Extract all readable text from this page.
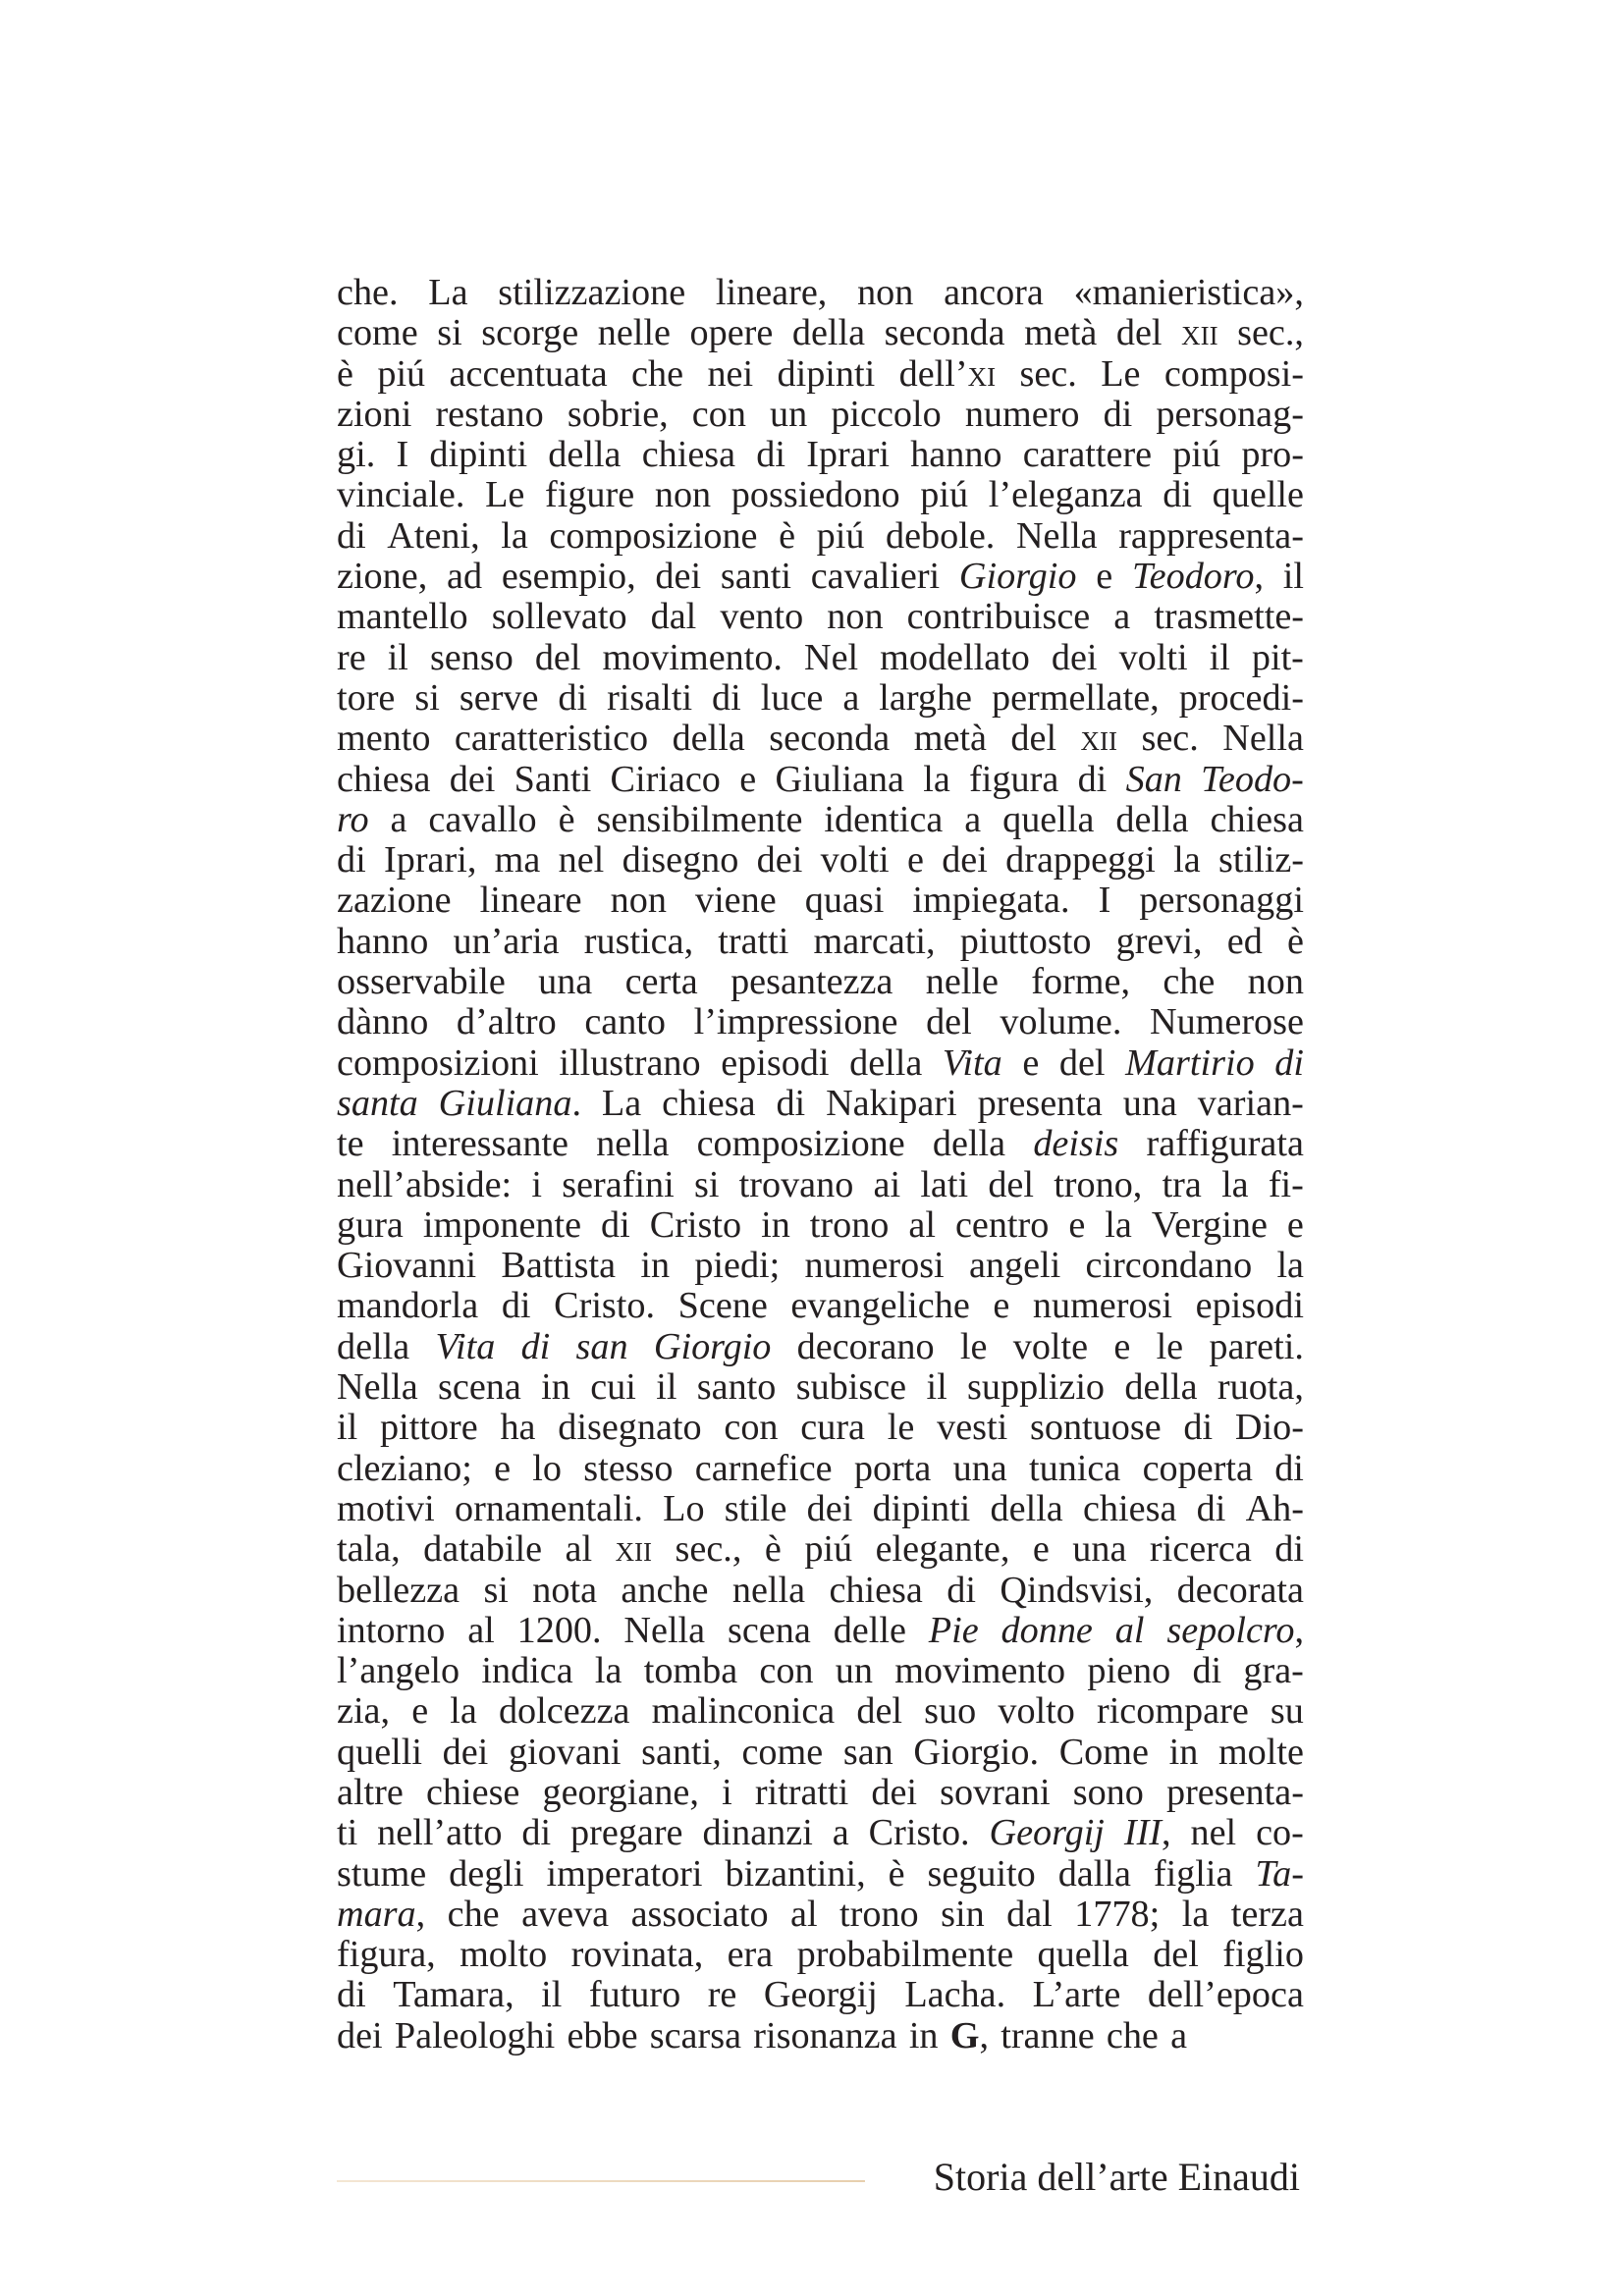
che. La stilizzazione lineare, non ancora «manieristica»,
come si scorge nelle opere della seconda metà del xii sec.,
è piú accentuata che nei dipinti dell’xi sec. Le composi-
zioni restano sobrie, con un piccolo numero di personag-
gi. I dipinti della chiesa di Iprari hanno carattere piú pro-
vinciale. Le figure non possiedono piú l’eleganza di quelle
di Ateni, la composizione è piú debole. Nella rappresenta-
zione, ad esempio, dei santi cavalieri Giorgio e Teodoro, il
mantello sollevato dal vento non contribuisce a trasmette-
re il senso del movimento. Nel modellato dei volti il pit-
tore si serve di risalti di luce a larghe permellate, procedi-
mento caratteristico della seconda metà del xii sec. Nella
chiesa dei Santi Ciriaco e Giuliana la figura di San Teodo-
ro a cavallo è sensibilmente identica a quella della chiesa
di Iprari, ma nel disegno dei volti e dei drappeggi la stiliz-
zazione lineare non viene quasi impiegata. I personaggi
hanno un’aria rustica, tratti marcati, piuttosto grevi, ed è
osservabile una certa pesantezza nelle forme, che non
dànno d’altro canto l’impressione del volume. Numerose
composizioni illustrano episodi della Vita e del Martirio di
santa Giuliana. La chiesa di Nakipari presenta una varian-
te interessante nella composizione della deisis raffigurata
nell’abside: i serafini si trovano ai lati del trono, tra la fi-
gura imponente di Cristo in trono al centro e la Vergine e
Giovanni Battista in piedi; numerosi angeli circondano la
mandorla di Cristo. Scene evangeliche e numerosi episodi
della Vita di san Giorgio decorano le volte e le pareti.
Nella scena in cui il santo subisce il supplizio della ruota,
il pittore ha disegnato con cura le vesti sontuose di Dio-
cleziano; e lo stesso carnefice porta una tunica coperta di
motivi ornamentali. Lo stile dei dipinti della chiesa di Ah-
tala, databile al xii sec., è piú elegante, e una ricerca di
bellezza si nota anche nella chiesa di Qindsvisi, decorata
intorno al 1200. Nella scena delle Pie donne al sepolcro,
l’angelo indica la tomba con un movimento pieno di gra-
zia, e la dolcezza malinconica del suo volto ricompare su
quelli dei giovani santi, come san Giorgio. Come in molte
altre chiese georgiane, i ritratti dei sovrani sono presenta-
ti nell’atto di pregare dinanzi a Cristo. Georgij III, nel co-
stume degli imperatori bizantini, è seguito dalla figlia Ta-
mara, che aveva associato al trono sin dal 1778; la terza
figura, molto rovinata, era probabilmente quella del figlio
di Tamara, il futuro re Georgij Lacha. L’arte dell’epoca
dei Paleologhi ebbe scarsa risonanza in G, tranne che a
Storia dell’arte Einaudi
